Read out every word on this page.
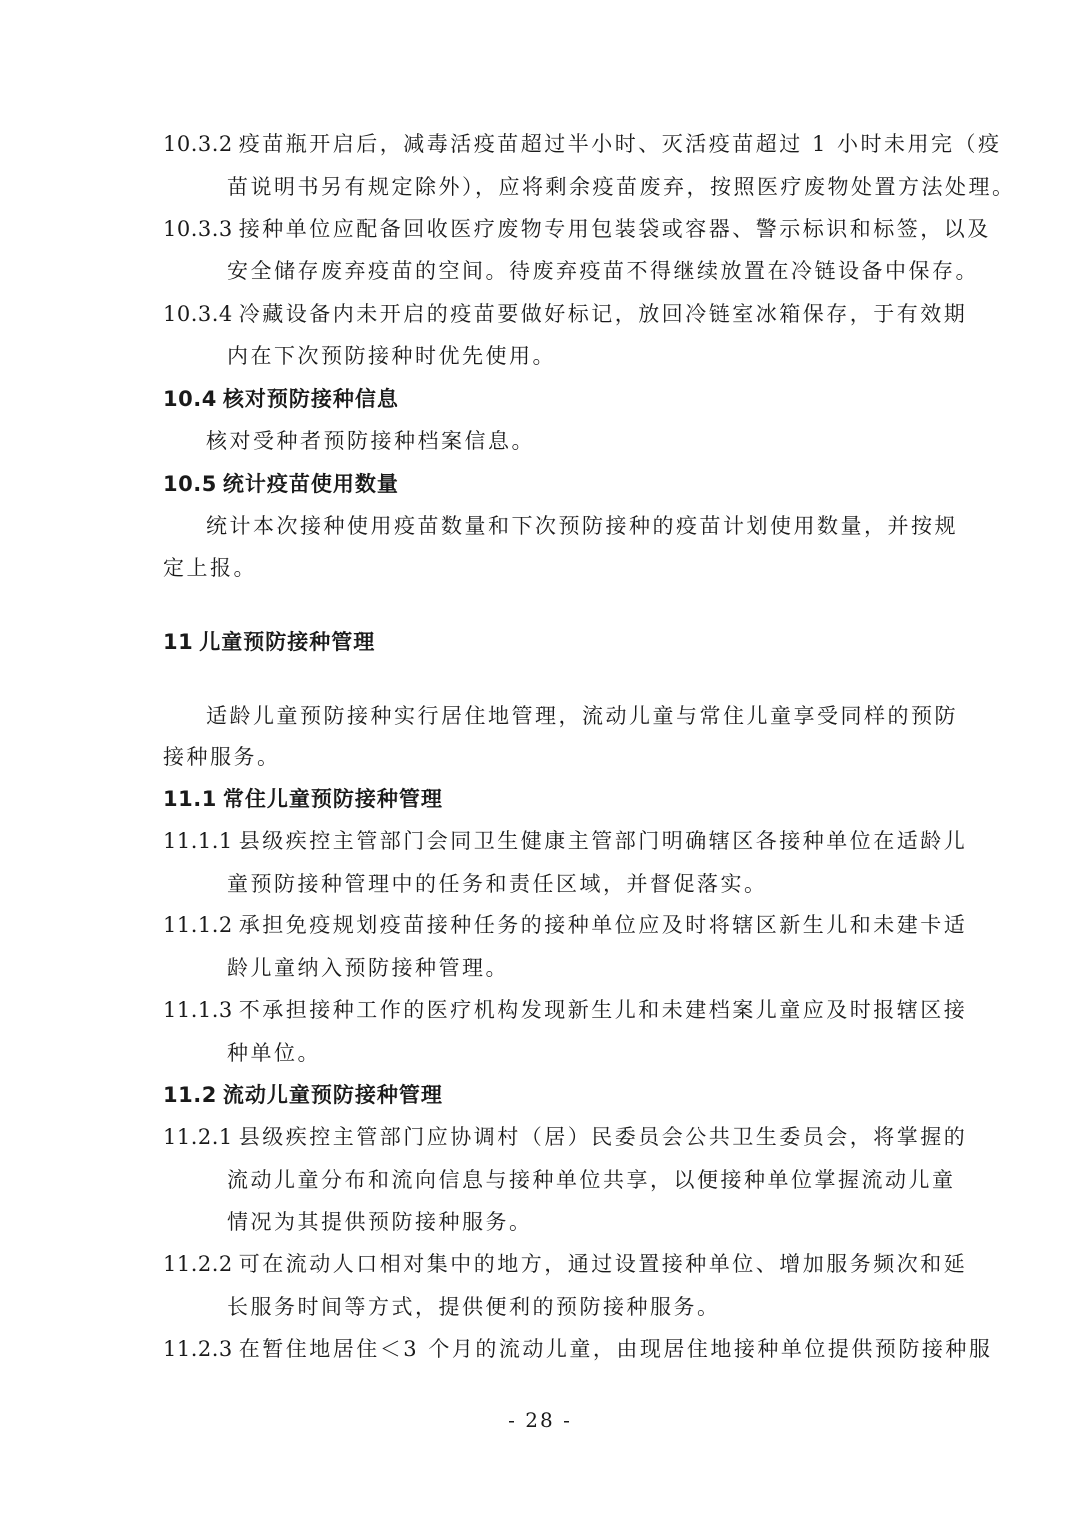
10.3.2 疫苗瓶开启后，减毒活疫苗超过半小时、灭活疫苗超过 1 小时未用完（疫
苗说明书另有规定除外），应将剩余疫苗废弃，按照医疗废物处置方法处理。
10.3.3 接种单位应配备回收医疗废物专用包装袋或容器、警示标识和标签，以及
安全储存废弃疫苗的空间。待废弃疫苗不得继续放置在冷链设备中保存。
10.3.4 冷藏设备内未开启的疫苗要做好标记，放回冷链室冰箱保存，于有效期
内在下次预防接种时优先使用。
10.4 核对预防接种信息
核对受种者预防接种档案信息。
10.5 统计疫苗使用数量
统计本次接种使用疫苗数量和下次预防接种的疫苗计划使用数量，并按规
定上报。
11 儿童预防接种管理
适龄儿童预防接种实行居住地管理，流动儿童与常住儿童享受同样的预防
接种服务。
11.1 常住儿童预防接种管理
11.1.1 县级疾控主管部门会同卫生健康主管部门明确辖区各接种单位在适龄儿
童预防接种管理中的任务和责任区域，并督促落实。
11.1.2 承担免疫规划疫苗接种任务的接种单位应及时将辖区新生儿和未建卡适
龄儿童纳入预防接种管理。
11.1.3 不承担接种工作的医疗机构发现新生儿和未建档案儿童应及时报辖区接
种单位。
11.2 流动儿童预防接种管理
11.2.1 县级疾控主管部门应协调村（居）民委员会公共卫生委员会，将掌握的
流动儿童分布和流向信息与接种单位共享，以便接种单位掌握流动儿童
情况为其提供预防接种服务。
11.2.2 可在流动人口相对集中的地方，通过设置接种单位、增加服务频次和延
长服务时间等方式，提供便利的预防接种服务。
11.2.3 在暂住地居住＜3 个月的流动儿童，由现居住地接种单位提供预防接种服
- 28 -
